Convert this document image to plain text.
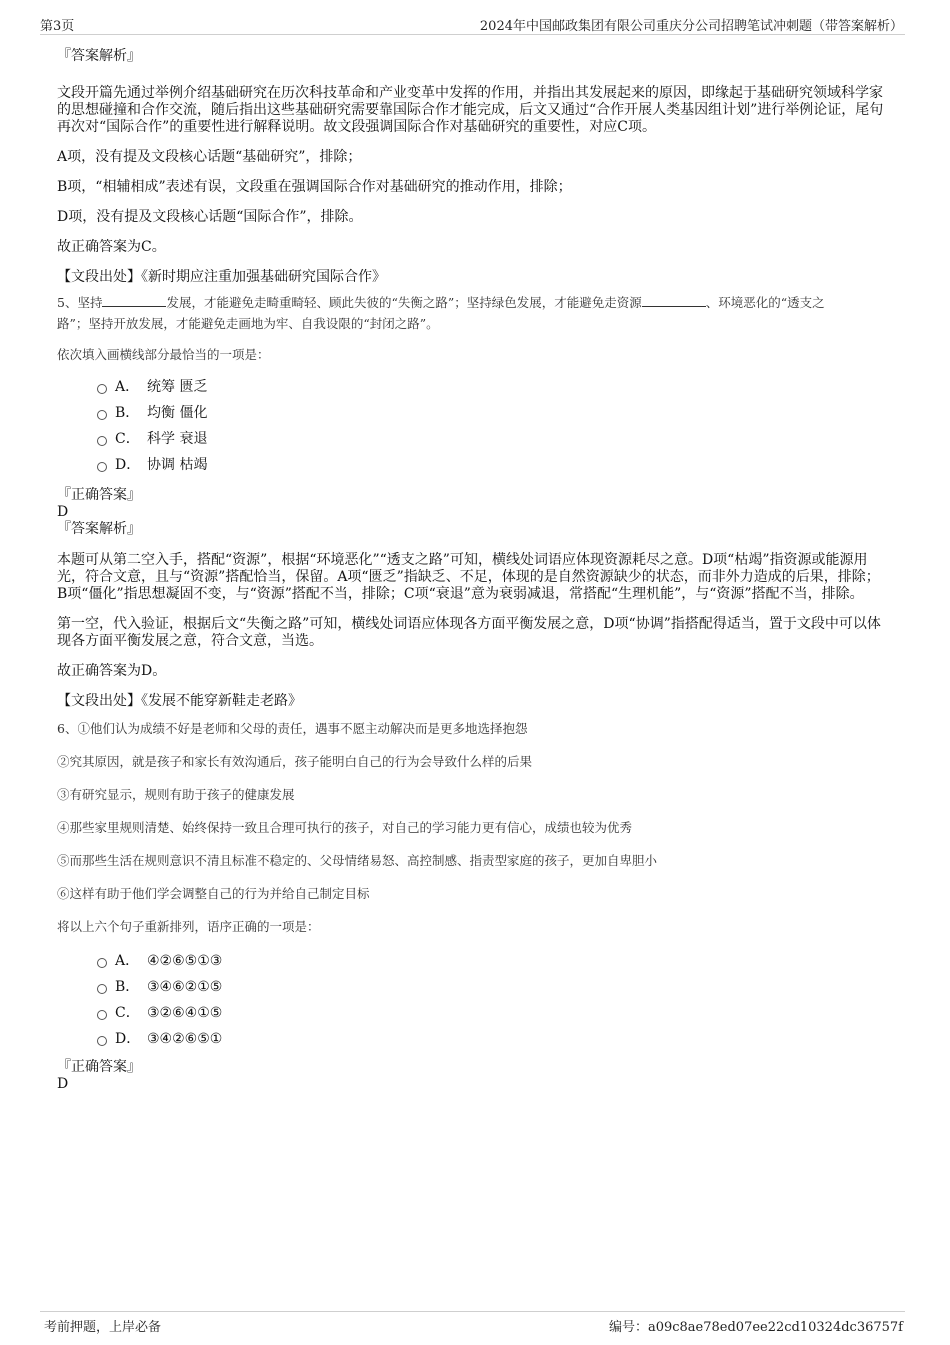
第3页	2024年中国邮政集团有限公司重庆分公司招聘笔试冲刺题（带答案解析）

『答案解析』

文段开篇先通过举例介绍基础研究在历次科技革命和产业变革中发挥的作用，并指出其发展起来的原因，即缘起于基础研究领域科学家的思想碰撞和合作交流，随后指出这些基础研究需要靠国际合作才能完成，后文又通过“合作开展人类基因组计划”进行举例论证，尾句再次对“国际合作”的重要性进行解释说明。故文段强调国际合作对基础研究的重要性，对应C项。

A项，没有提及文段核心话题“基础研究”，排除；

B项，“相辅相成”表述有误，文段重在强调国际合作对基础研究的推动作用，排除；

D项，没有提及文段核心话题“国际合作”，排除。

故正确答案为C。

【文段出处】《新时期应注重加强基础研究国际合作》

5、坚持	发展，才能避免走畸重畸轻、顾此失彼的“失衡之路”；坚持绿色发展，才能避免走资源	、环境恶化的“透支之

路”；坚持开放发展，才能避免走画地为牢、自我设限的“封闭之路”。

依次填入画横线部分最恰当的一项是：

A． 统筹 匮乏
B． 均衡 僵化
C． 科学 衰退
D． 协调 枯竭

『正确答案』

D

『答案解析』

本题可从第二空入手，搭配“资源”，根据“环境恶化”“透支之路”可知，横线处词语应体现资源耗尽之意。D项“枯竭”指资源或能源用光，符合文意，且与“资源”搭配恰当，保留。A项“匮乏”指缺乏、不足，体现的是自然资源缺少的状态，而非外力造成的后果，排除；B项“僵化”指思想凝固不变，与“资源”搭配不当，排除；C项“衰退”意为衰弱减退，常搭配“生理机能”，与“资源”搭配不当，排除。

第一空，代入验证，根据后文“失衡之路”可知，横线处词语应体现各方面平衡发展之意，D项“协调”指搭配得适当，置于文段中可以体现各方面平衡发展之意，符合文意，当选。

故正确答案为D。

【文段出处】《发展不能穿新鞋走老路》

6、①他们认为成绩不好是老师和父母的责任，遇事不愿主动解决而是更多地选择抱怨

②究其原因，就是孩子和家长有效沟通后，孩子能明白自己的行为会导致什么样的后果

③有研究显示，规则有助于孩子的健康发展

④那些家里规则清楚、始终保持一致且合理可执行的孩子，对自己的学习能力更有信心，成绩也较为优秀

⑤而那些生活在规则意识不清且标准不稳定的、父母情绪易怒、高控制感、指责型家庭的孩子，更加自卑胆小

⑥这样有助于他们学会调整自己的行为并给自己制定目标

将以上六个句子重新排列，语序正确的一项是：

A． ④②⑥⑤①③
B． ③④⑥②①⑤
C． ③②⑥④①⑤
D． ③④②⑥⑤①

『正确答案』

D

考前押题，上岸必备	编号：a09c8ae78ed07ee22cd10324dc36757f
